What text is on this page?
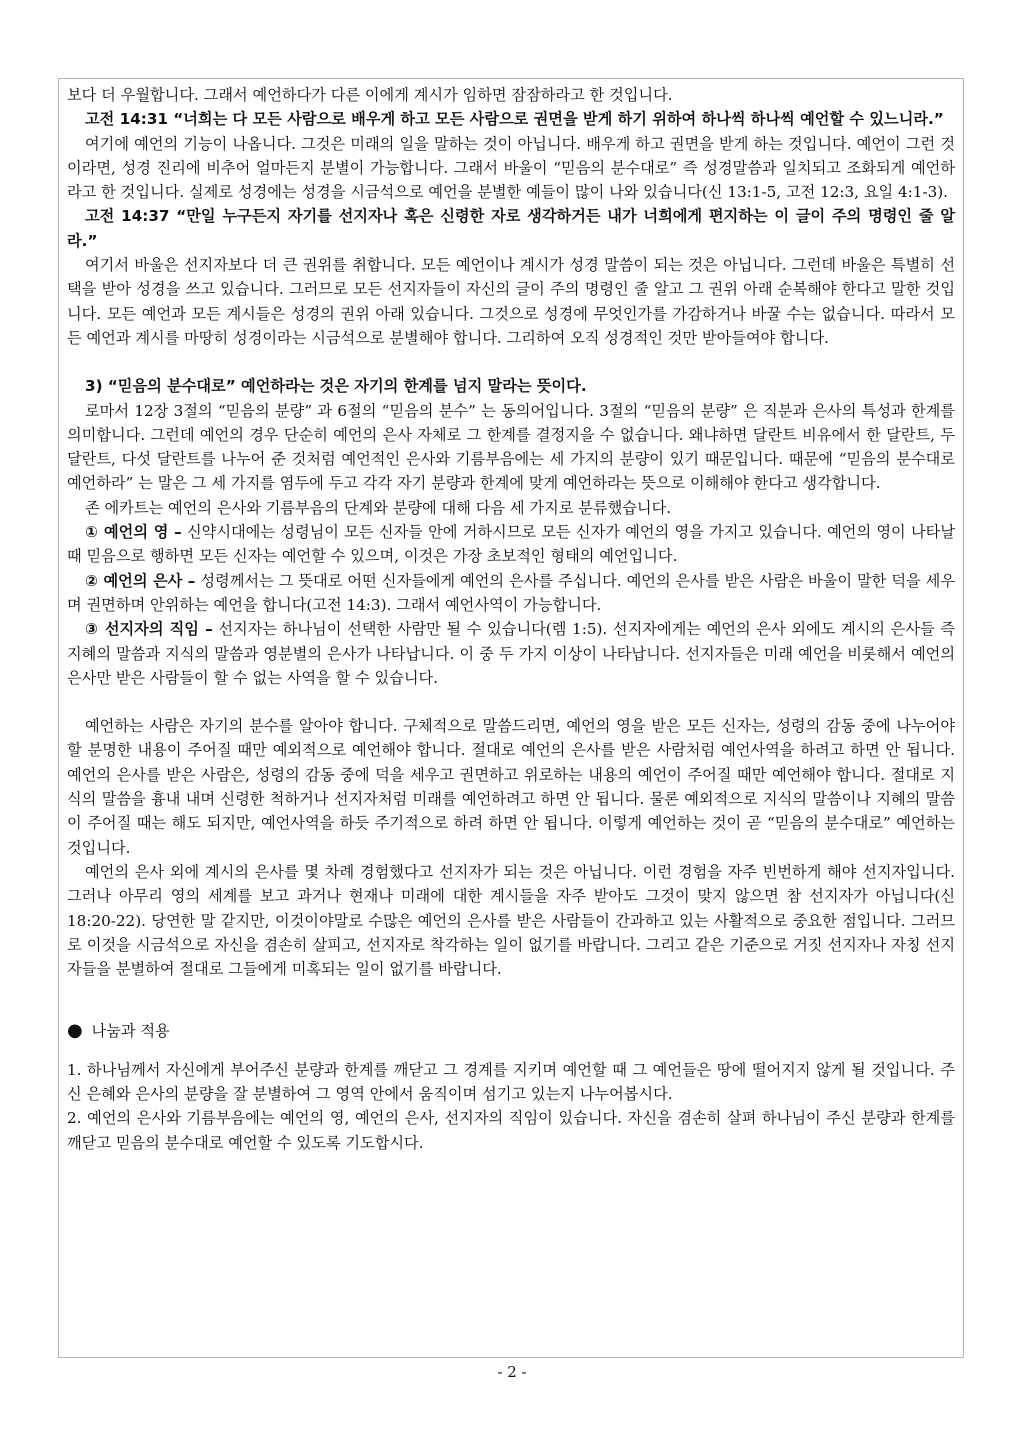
보다 더 우월합니다. 그래서 예언하다가 다른 이에게 계시가 임하면 잠잠하라고 한 것입니다.

고전 14:31 “너희는 다 모든 사람으로 배우게 하고 모든 사람으로 권면을 받게 하기 위하여 하나씩 하나씩 예언할 수 있느니라.”

여기에 예언의 기능이 나옵니다. 그것은 미래의 일을 말하는 것이 아닙니다. 배우게 하고 권면을 받게 하는 것입니다. 예언이 그런 것이라면, 성경 진리에 비추어 얼마든지 분별이 가능합니다. 그래서 바울이 “믿음의 분수대로” 즉 성경말씀과 일치되고 조화되게 예언하라고 한 것입니다. 실제로 성경에는 성경을 시금석으로 예언을 분별한 예들이 많이 나와 있습니다(신 13:1-5, 고전 12:3, 요일 4:1-3).

고전 14:37 “만일 누구든지 자기를 선지자나 혹은 신령한 자로 생각하거든 내가 너희에게 편지하는 이 글이 주의 명령인 줄 알라.”

여기서 바울은 선지자보다 더 큰 권위를 취합니다. 모든 예언이나 계시가 성경 말씀이 되는 것은 아닙니다. 그런데 바울은 특별히 선택을 받아 성경을 쓰고 있습니다. 그러므로 모든 선지자들이 자신의 글이 주의 명령인 줄 알고 그 권위 아래 순복해야 한다고 말한 것입니다. 모든 예언과 모든 계시들은 성경의 권위 아래 있습니다. 그것으로 성경에 무엇인가를 가감하거나 바꿀 수는 없습니다. 따라서 모든 예언과 계시를 마땅히 성경이라는 시금석으로 분별해야 합니다. 그리하여 오직 성경적인 것만 받아들여야 합니다.

3) “믿음의 분수대로” 예언하라는 것은 자기의 한계를 넘지 말라는 뜻이다.

로마서 12장 3절의 “믿음의 분량” 과 6절의 “믿음의 분수” 는 동의어입니다. 3절의 “믿음의 분량” 은 직분과 은사의 특성과 한계를 의미합니다. 그런데 예언의 경우 단순히 예언의 은사 자체로 그 한계를 결정지을 수 없습니다. 왜냐하면 달란트 비유에서 한 달란트, 두 달란트, 다섯 달란트를 나누어 준 것처럼 예언적인 은사와 기름부음에는 세 가지의 분량이 있기 때문입니다. 때문에 “믿음의 분수대로 예언하라” 는 말은 그 세 가지를 염두에 두고 각각 자기 분량과 한계에 맞게 예언하라는 뜻으로 이해해야 한다고 생각합니다.

존 에카트는 예언의 은사와 기름부음의 단계와 분량에 대해 다음 세 가지로 분류했습니다.

① 예언의 영 – 신약시대에는 성령님이 모든 신자들 안에 거하시므로 모든 신자가 예언의 영을 가지고 있습니다. 예언의 영이 나타날 때 믿음으로 행하면 모든 신자는 예언할 수 있으며, 이것은 가장 초보적인 형태의 예언입니다.

② 예언의 은사 – 성령께서는 그 뜻대로 어떤 신자들에게 예언의 은사를 주십니다. 예언의 은사를 받은 사람은 바울이 말한 덕을 세우며 권면하며 안위하는 예언을 합니다(고전 14:3). 그래서 예언사역이 가능합니다.

③ 선지자의 직임 – 선지자는 하나님이 선택한 사람만 될 수 있습니다(렘 1:5). 선지자에게는 예언의 은사 외에도 계시의 은사들 즉 지혜의 말씀과 지식의 말씀과 영분별의 은사가 나타납니다. 이 중 두 가지 이상이 나타납니다. 선지자들은 미래 예언을 비롯해서 예언의 은사만 받은 사람들이 할 수 없는 사역을 할 수 있습니다.

예언하는 사람은 자기의 분수를 알아야 합니다. 구체적으로 말씀드리면, 예언의 영을 받은 모든 신자는, 성령의 감동 중에 나누어야 할 분명한 내용이 주어질 때만 예외적으로 예언해야 합니다. 절대로 예언의 은사를 받은 사람처럼 예언사역을 하려고 하면 안 됩니다. 예언의 은사를 받은 사람은, 성령의 감동 중에 덕을 세우고 권면하고 위로하는 내용의 예언이 주어질 때만 예언해야 합니다. 절대로 지식의 말씀을 흉내 내며 신령한 척하거나 선지자처럼 미래를 예언하려고 하면 안 됩니다. 물론 예외적으로 지식의 말씀이나 지혜의 말씀이 주어질 때는 해도 되지만, 예언사역을 하듯 주기적으로 하려 하면 안 됩니다. 이렇게 예언하는 것이 곧 “믿음의 분수대로” 예언하는 것입니다.

예언의 은사 외에 계시의 은사를 몇 차례 경험했다고 선지자가 되는 것은 아닙니다. 이런 경험을 자주 빈번하게 해야 선지자입니다. 그러나 아무리 영의 세계를 보고 과거나 현재나 미래에 대한 계시들을 자주 받아도 그것이 맞지 않으면 참 선지자가 아닙니다(신 18:20-22). 당연한 말 같지만, 이것이야말로 수많은 예언의 은사를 받은 사람들이 간과하고 있는 사활적으로 중요한 점입니다. 그러므로 이것을 시금석으로 자신을 겸손히 살피고, 선지자로 착각하는 일이 없기를 바랍니다. 그리고 같은 기준으로 거짓 선지자나 자칭 선지자들을 분별하여 절대로 그들에게 미혹되는 일이 없기를 바랍니다.

● 나눔과 적용

1. 하나님께서 자신에게 부어주신 분량과 한계를 깨닫고 그 경계를 지키며 예언할 때 그 예언들은 땅에 떨어지지 않게 될 것입니다. 주신 은혜와 은사의 분량을 잘 분별하여 그 영역 안에서 움직이며 섬기고 있는지 나누어봅시다.

2. 예언의 은사와 기름부음에는 예언의 영, 예언의 은사, 선지자의 직임이 있습니다. 자신을 겸손히 살펴 하나님이 주신 분량과 한계를 깨닫고 믿음의 분수대로 예언할 수 있도록 기도합시다.

- 2 -
